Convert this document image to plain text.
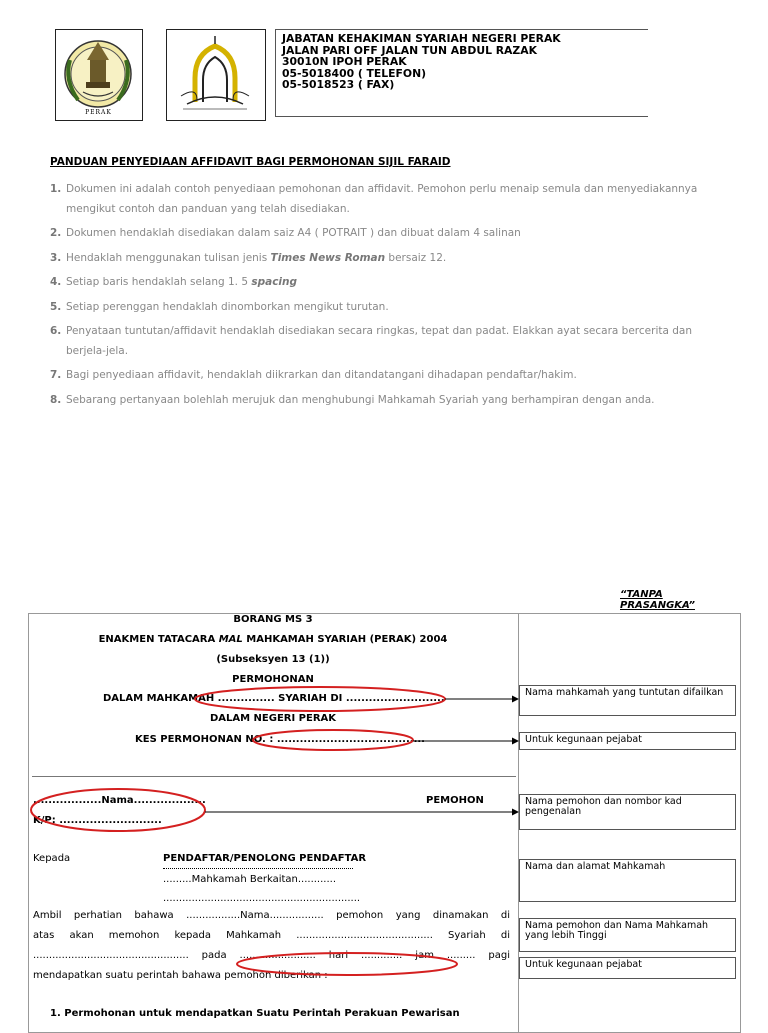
PERAK
JABATAN KEHAKIMAN SYARIAH NEGERI PERAK
JALAN PARI OFF JALAN TUN ABDUL RAZAK
30010N IPOH PERAK
05-5018400 ( TELEFON)
05-5018523 ( FAX)
PANDUAN PENYEDIAAN AFFIDAVIT BAGI PERMOHONAN SIJIL FARAID
1. Dokumen ini adalah contoh penyediaan pemohonan dan affidavit. Pemohon perlu menaip semula dan menyediakannya mengikut contoh dan panduan yang telah disediakan.
2. Dokumen hendaklah disediakan dalam saiz A4 ( POTRAIT ) dan dibuat dalam 4 salinan
3. Hendaklah menggunakan tulisan jenis Times News Roman bersaiz 12.
4. Setiap baris hendaklah selang 1. 5 spacing
5. Setiap perenggan hendaklah dinomborkan mengikut turutan.
6. Penyataan tuntutan/affidavit hendaklah disediakan secara ringkas, tepat dan padat. Elakkan ayat secara bercerita dan berjela-jela.
7. Bagi penyediaan affidavit, hendaklah diikrarkan dan ditandatangani dihadapan pendaftar/hakim.
8. Sebarang pertanyaan bolehlah merujuk dan menghubungi Mahkamah Syariah yang berhampiran dengan anda.
“TANPA
PRASANGKA”
BORANG MS 3
ENAKMEN TATACARA MAL MAHKAMAH SYARIAH (PERAK) 2004
(Subseksyen 13 (1))
PERMOHONAN
DALAM MAHKAMAH ............... SYARIAH DI ..........................
DALAM NEGERI PERAK
KES PERMOHONAN NO. : .......................................
..................Nama...................	PEMOHON
K/P: ...........................
Kepada	PENDAFTAR/PENOLONG PENDAFTAR
.........Mahkamah Berkaitan............
..............................................................
Ambil perhatian bahawa .................Nama................. pemohon yang dinamakan di
atas akan memohon kepada Mahkamah ........................................... Syariah di
................................................. pada ........................ hari ............. jam ......... pagi
mendapatkan suatu perintah bahawa pemohon diberikan :
1. Permohonan untuk mendapatkan Suatu Perintah Perakuan Pewarisan
Nama mahkamah yang tuntutan difailkan
Untuk kegunaan pejabat
Nama pemohon dan nombor kad pengenalan
Nama dan alamat Mahkamah
Nama pemohon dan Nama Mahkamah yang lebih Tinggi
Untuk kegunaan pejabat
